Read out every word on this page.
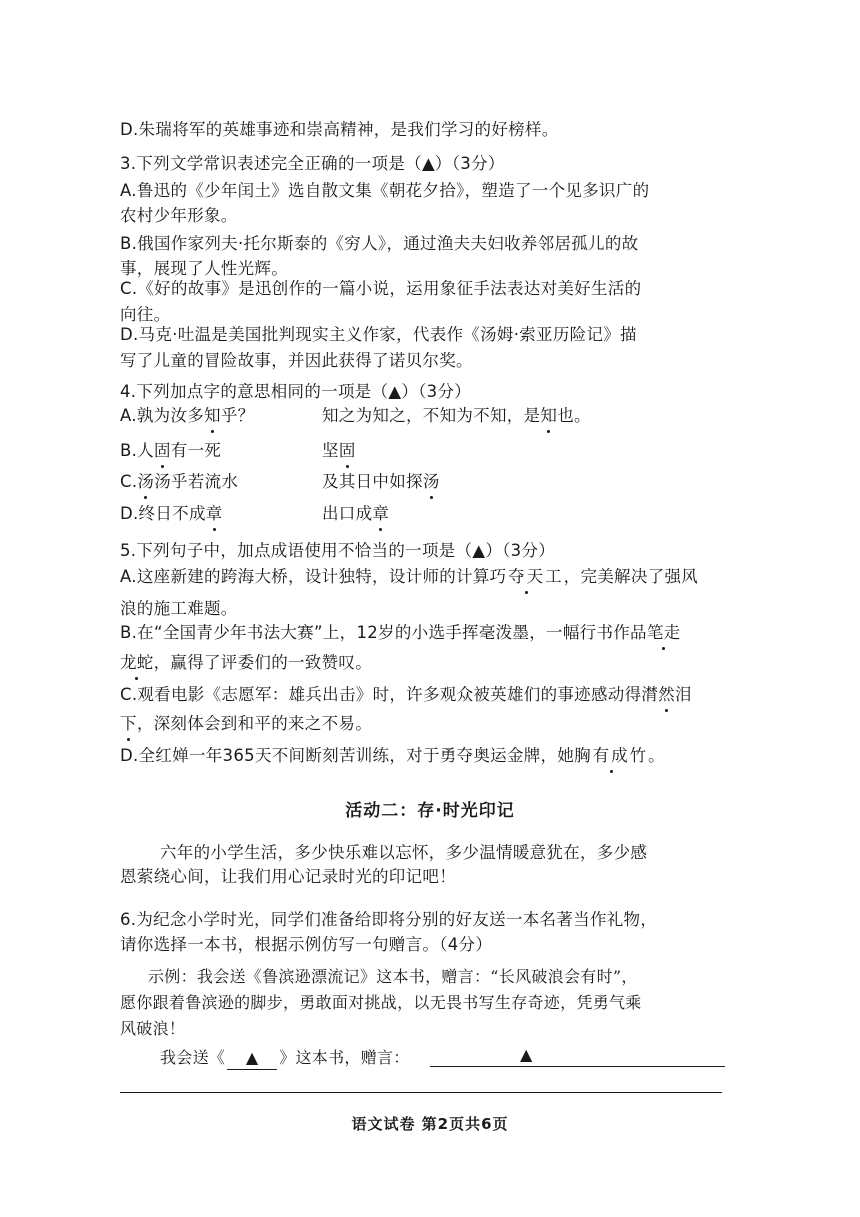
D.朱瑞将军的英雄事迹和崇高精神，是我们学习的好榜样。
3.下列文学常识表述完全正确的一项是（▲）（3分）
A.鲁迅的《少年闰土》选自散文集《朝花夕拾》，塑造了一个见多识广的
农村少年形象。
B.俄国作家列夫·托尔斯泰的《穷人》，通过渔夫夫妇收养邻居孤儿的故
事，展现了人性光辉。
C.《好的故事》是迅创作的一篇小说，运用象征手法表达对美好生活的
向往。
D.马克·吐温是美国批判现实主义作家，代表作《汤姆·索亚历险记》描
写了儿童的冒险故事，并因此获得了诺贝尔奖。
4.下列加点字的意思相同的一项是（▲）（3分）
A.孰为汝多知乎？	知之为知之，不知为不知，是知也。
B.人固有一死	坚固
C.汤汤乎若流水	及其日中如探汤
D.终日不成章	出口成章
5.下列句子中，加点成语使用不恰当的一项是（▲）（3分）
A.这座新建的跨海大桥，设计独特，设计师的计算巧夺天工，完美解决了强风
浪的施工难题。
B.在“全国青少年书法大赛”上，12岁的小选手挥毫泼墨，一幅行书作品笔走
龙蛇，赢得了评委们的一致赞叹。
C.观看电影《志愿军：雄兵出击》时，许多观众被英雄们的事迹感动得潸然泪
下，深刻体会到和平的来之不易。
D.全红婵一年365天不间断刻苦训练，对于勇夺奥运金牌，她胸有成竹。
活动二：存·时光印记
六年的小学生活，多少快乐难以忘怀，多少温情暖意犹在，多少感
恩萦绕心间，让我们用心记录时光的印记吧！
6.为纪念小学时光，同学们准备给即将分别的好友送一本名著当作礼物，
请你选择一本书，根据示例仿写一句赠言。（4分）
示例：我会送《鲁滨逊漂流记》这本书，赠言：“长风破浪会有时”，
愿你跟着鲁滨逊的脚步，勇敢面对挑战，以无畏书写生存奇迹，凭勇气乘
风破浪！
我会送《 ▲ 》这本书，赠言：	▲
语文试卷 第2页共6页
